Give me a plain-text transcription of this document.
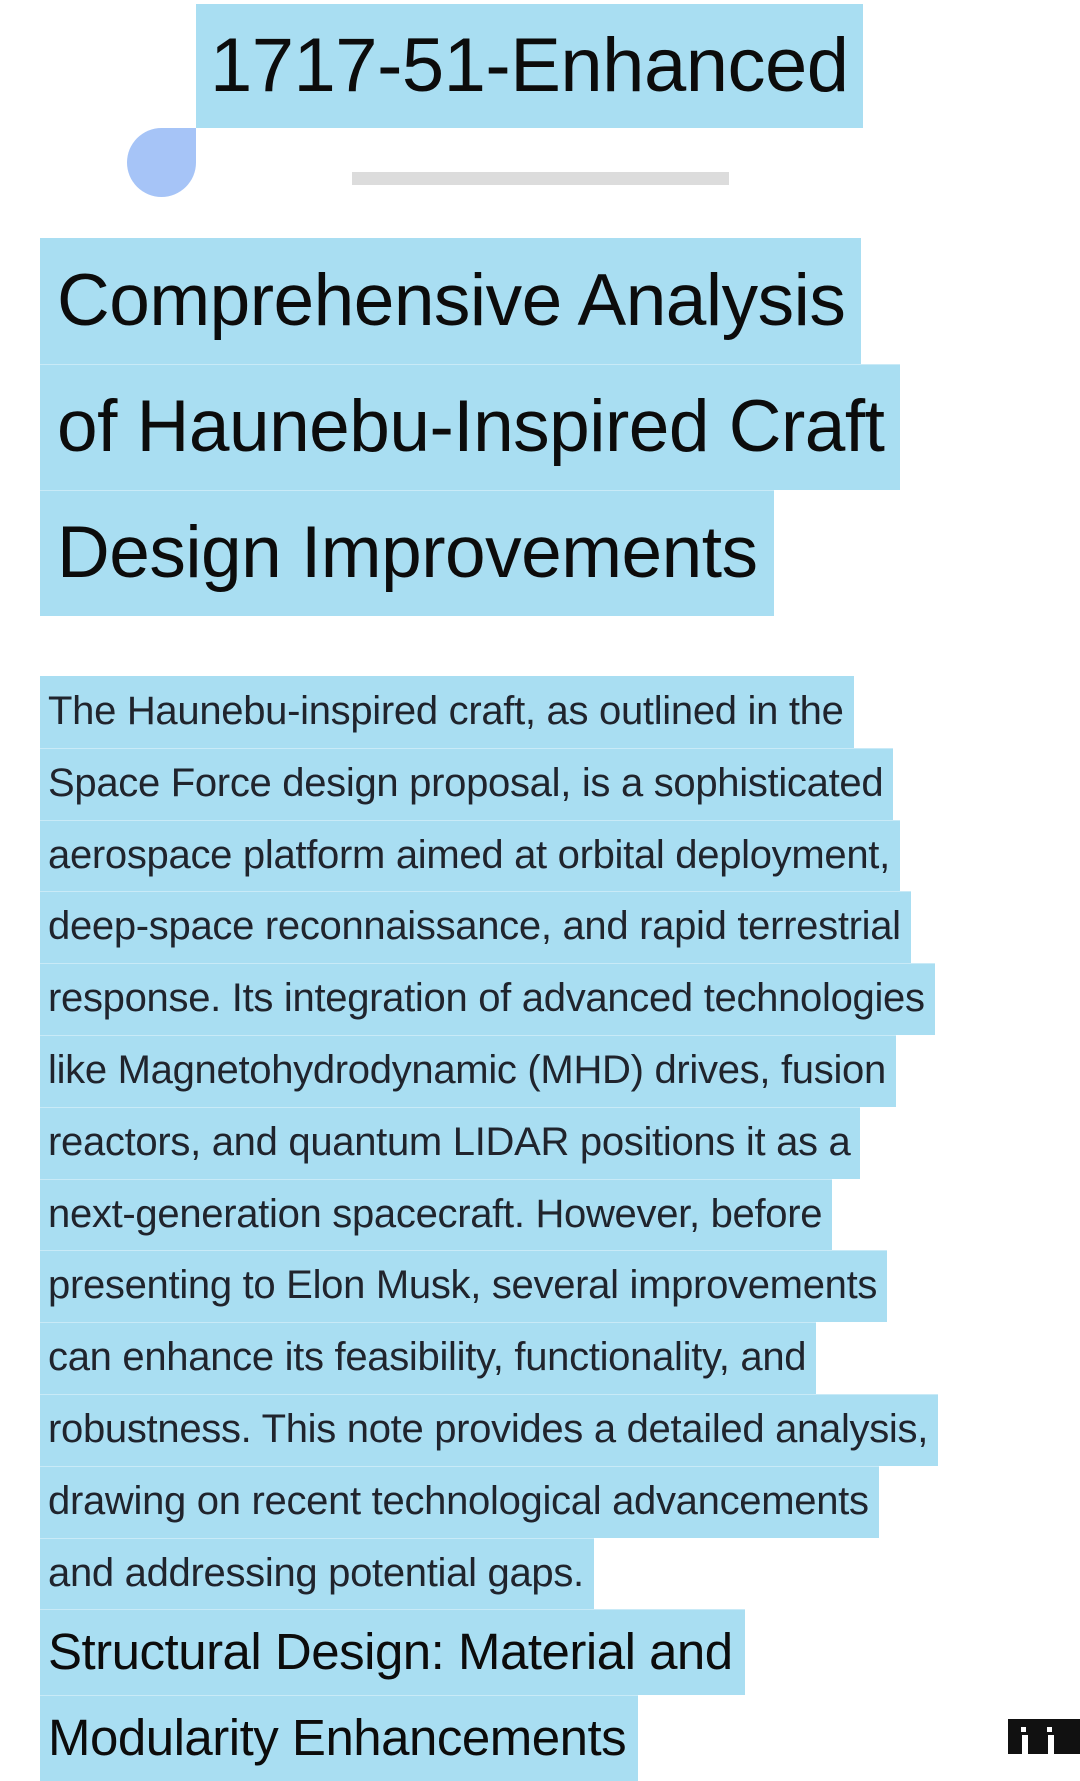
1717-51-Enhanced
Comprehensive Analysis
of Haunebu-Inspired Craft
Design Improvements
The Haunebu-inspired craft, as outlined in the
Space Force design proposal, is a sophisticated
aerospace platform aimed at orbital deployment,
deep-space reconnaissance, and rapid terrestrial
response. Its integration of advanced technologies
like Magnetohydrodynamic (MHD) drives, fusion
reactors, and quantum LIDAR positions it as a
next-generation spacecraft. However, before
presenting to Elon Musk, several improvements
can enhance its feasibility, functionality, and
robustness. This note provides a detailed analysis,
drawing on recent technological advancements
and addressing potential gaps.
Structural Design: Material and
Modularity Enhancements
